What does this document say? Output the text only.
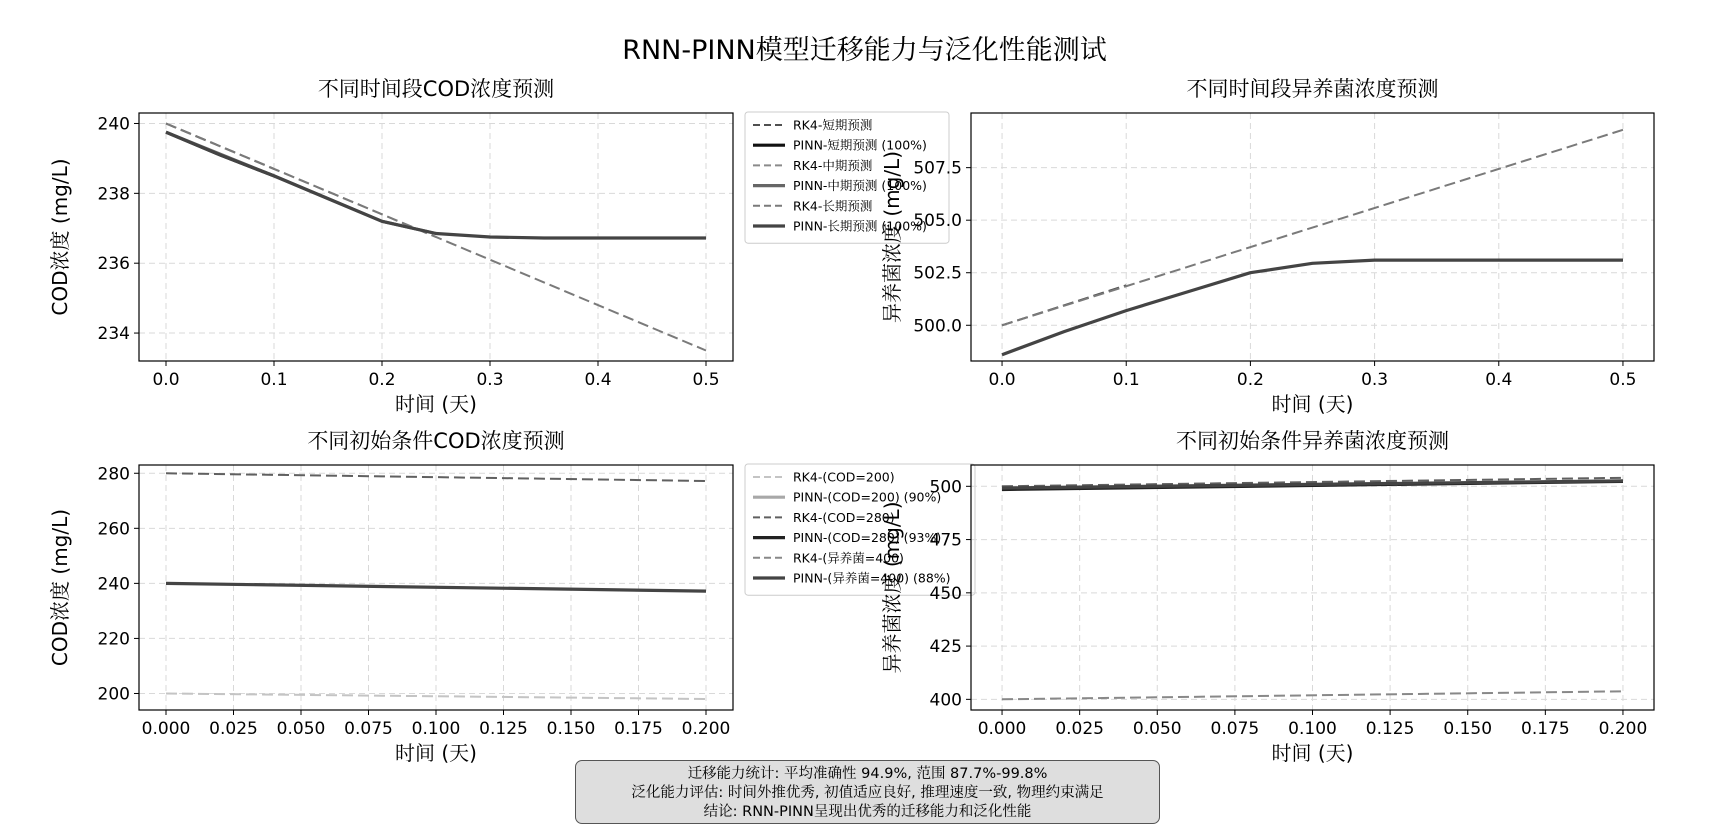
RNN-PINN模型迁移能力与泛化性能测试
0.0	0.1	0.2	0.3	0.4	0.5
234
236
238
240
不同时间段COD浓度预测
时间 (天)
COD浓度 (mg/L)
RK4-短期预测
PINN-短期预测 (100%)
RK4-中期预测
PINN-中期预测 (100%)
RK4-长期预测
PINN-长期预测 (100%)
0.0	0.1	0.2	0.3	0.4	0.5
500.0
502.5
505.0
507.5
不同时间段异养菌浓度预测
时间 (天)
异养菌浓度 (mg/L)
0.000 0.025 0.050 0.075 0.100 0.125 0.150 0.175 0.200
200
220
240
260
280
不同初始条件COD浓度预测
时间 (天)
COD浓度 (mg/L)
RK4-(COD=200)
PINN-(COD=200) (90%)
RK4-(COD=280)
PINN-(COD=280) (93%)
RK4-(异养菌=400)
PINN-(异养菌=400) (88%)
0.000 0.025 0.050 0.075 0.100 0.125 0.150 0.175 0.200
400
425
450
475
500
不同初始条件异养菌浓度预测
时间 (天)
异养菌浓度 (mg/L)
迁移能力统计: 平均准确性 94.9%, 范围 87.7%-99.8%
泛化能力评估: 时间外推优秀, 初值适应良好, 推理速度一致, 物理约束满足
结论: RNN-PINN呈现出优秀的迁移能力和泛化性能
